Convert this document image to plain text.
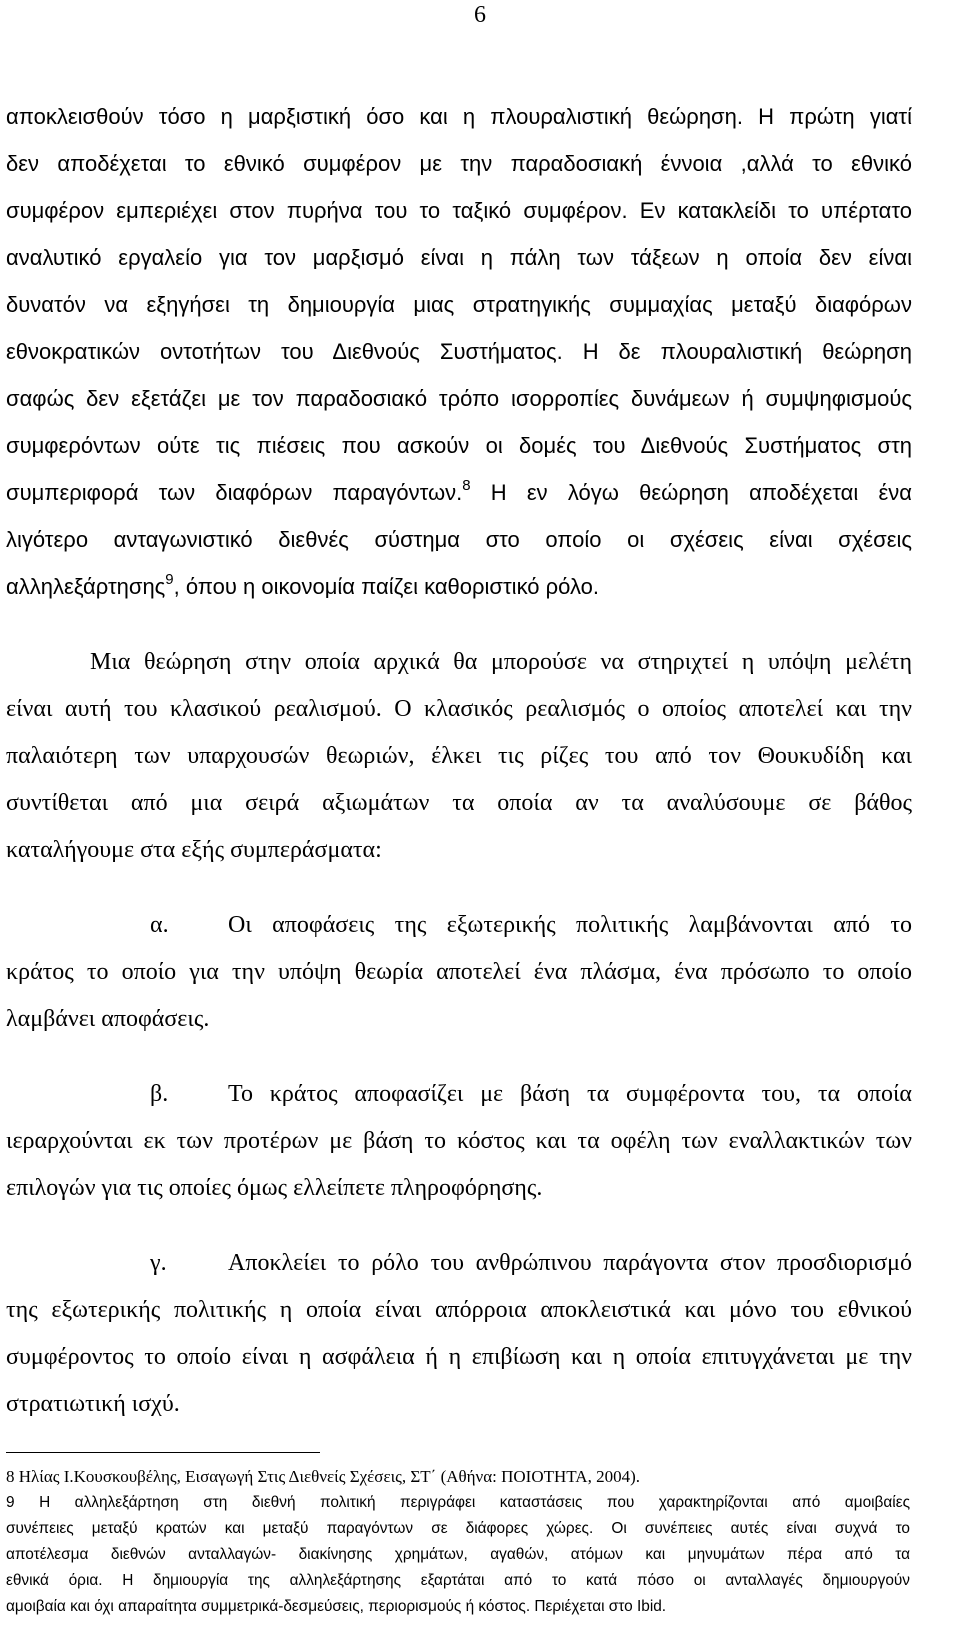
6
αποκλεισθούν τόσο η μαρξιστική όσο και η πλουραλιστική θεώρηση. Η πρώτη γιατί
δεν αποδέχεται το εθνικό συμφέρον με την παραδοσιακή έννοια ,αλλά το εθνικό
συμφέρον εμπεριέχει στον πυρήνα του το ταξικό συμφέρον. Εν κατακλείδι το υπέρτατο
αναλυτικό εργαλείο για τον μαρξισμό είναι η πάλη των τάξεων η οποία δεν είναι
δυνατόν να εξηγήσει τη δημιουργία μιας στρατηγικής συμμαχίας μεταξύ διαφόρων
εθνοκρατικών οντοτήτων του Διεθνούς Συστήματος. Η δε πλουραλιστική θεώρηση
σαφώς δεν εξετάζει με τον παραδοσιακό τρόπο ισορροπίες δυνάμεων ή συμψηφισμούς
συμφερόντων ούτε τις πιέσεις που ασκούν οι δομές του Διεθνούς Συστήματος στη
συμπεριφορά των διαφόρων παραγόντων.$^8$ Η εν λόγω θεώρηση αποδέχεται ένα
λιγότερο ανταγωνιστικό διεθνές σύστημα στο οποίο οι σχέσεις είναι σχέσεις
αλληλεξάρτησης$^9$, όπου η οικονομία παίζει καθοριστικό ρόλο.
Μια θεώρηση στην οποία αρχικά θα μπορούσε να στηριχτεί η υπόψη μελέτη
είναι αυτή του κλασικού ρεαλισμού. Ο κλασικός ρεαλισμός ο οποίος αποτελεί και την
παλαιότερη των υπαρχουσών θεωριών, έλκει τις ρίζες του από τον Θουκυδίδη και
συντίθεται από μια σειρά αξιωμάτων τα οποία αν τα αναλύσουμε σε βάθος
καταλήγουμε στα εξής συμπεράσματα:
α.	Οι αποφάσεις της εξωτερικής πολιτικής λαμβάνονται από το
κράτος το οποίο για την υπόψη θεωρία αποτελεί ένα πλάσμα, ένα πρόσωπο το οποίο
λαμβάνει αποφάσεις.
β.	Το κράτος αποφασίζει με βάση τα συμφέροντα του, τα οποία
ιεραρχούνται εκ των προτέρων με βάση το κόστος και τα οφέλη των εναλλακτικών των
επιλογών για τις οποίες όμως ελλείπετε πληροφόρησης.
γ.	Αποκλείει το ρόλο του ανθρώπινου παράγοντα στον προσδιορισμό
της εξωτερικής πολιτικής η οποία είναι απόρροια αποκλειστικά και μόνο του εθνικού
συμφέροντος το οποίο είναι η ασφάλεια ή η επιβίωση και η οποία επιτυγχάνεται με την
στρατιωτική ισχύ.
8 Ηλίας Ι.Κουσκουβέλης, Εισαγωγή Στις Διεθνείς Σχέσεις, ΣΤ΄ (Αθήνα: ΠΟΙΟΤΗΤΑ, 2004).
9 Η αλληλεξάρτηση στη διεθνή πολιτική περιγράφει καταστάσεις που χαρακτηρίζονται από αμοιβαίες
συνέπειες μεταξύ κρατών και μεταξύ παραγόντων σε διάφορες χώρες. Οι συνέπειες αυτές είναι συχνά το
αποτέλεσμα διεθνών ανταλλαγών- διακίνησης χρημάτων, αγαθών, ατόμων και μηνυμάτων πέρα από τα
εθνικά όρια. Η δημιουργία της αλληλεξάρτησης εξαρτάται από το κατά πόσο οι ανταλλαγές δημιουργούν
αμοιβαία και όχι απαραίτητα συμμετρικά-δεσμεύσεις, περιορισμούς ή κόστος. Περιέχεται στο Ibid.
